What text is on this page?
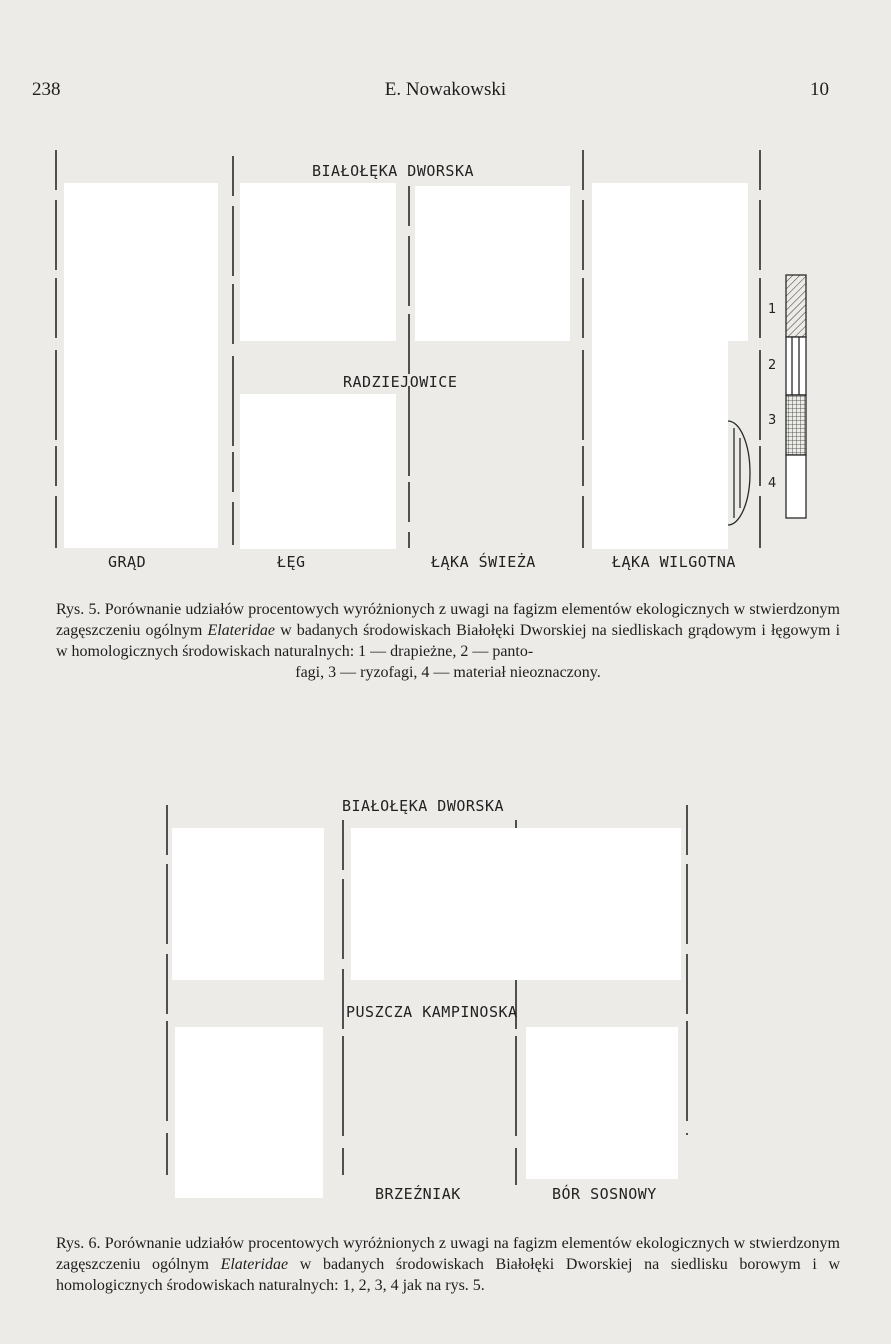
238	E. Nowakowski	10
BIAŁOŁĘKA DWORSKA
RADZIEJOWICE
GRĄD	ŁĘG	ŁĄKA ŚWIEŻA	ŁĄKA WILGOTNA
1
2
3
4
Rys. 5. Porównanie udziałów procentowych wyróżnionych z uwagi na fagizm elementów ekologicznych w stwierdzonym zagęszczeniu ogólnym Elateridae w badanych środowiskach Białołęki Dworskiej na siedliskach grądowym i łęgowym i w homologicznych środowiskach naturalnych: 1 — drapieżne, 2 — panto-
fagi, 3 — ryzofagi, 4 — materiał nieoznaczony.
BIAŁOŁĘKA DWORSKA
PUSZCZA KAMPINOSKA
BRZEŹNIAK	BÓR SOSNOWY
Rys. 6. Porównanie udziałów procentowych wyróżnionych z uwagi na fagizm elementów ekologicznych w stwierdzonym zagęszczeniu ogólnym Elateridae w badanych środowiskach Białołęki Dworskiej na siedlisku borowym i w homologicznych środowiskach naturalnych: 1, 2, 3, 4 jak na rys. 5.
